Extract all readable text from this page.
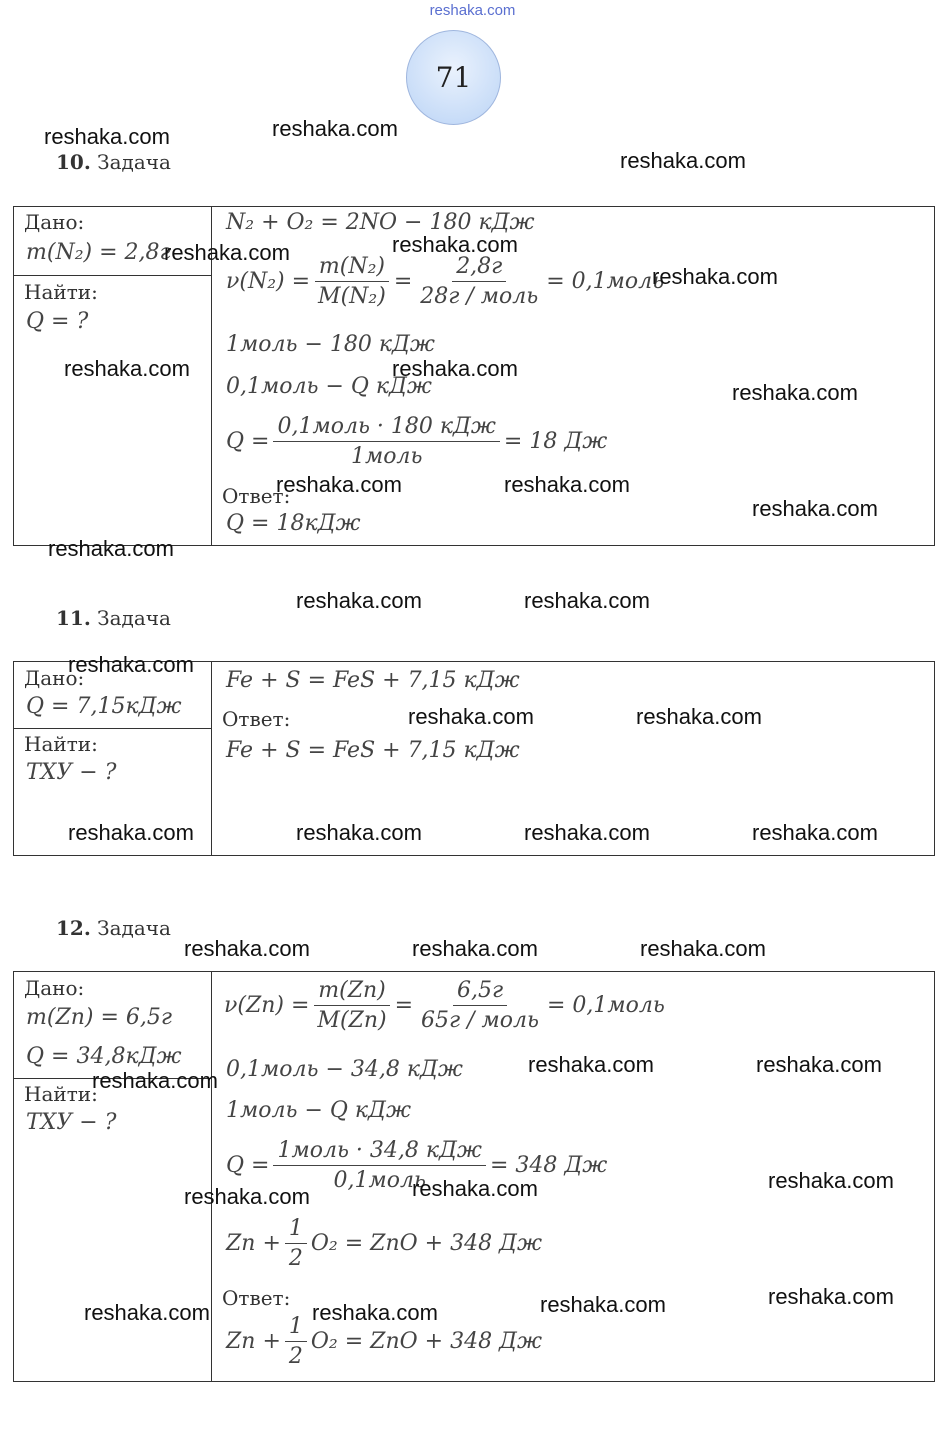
reshaka.com
71
10. Задача
Дано:
m(N₂) = 2,8г
Найти:
Q = ?
N₂ + O₂ = 2NO − 180 кДж
$\nu(N_2) = \frac{\text{m(N₂)}}{\text{M(N₂)}} = \frac{2,8г}{\text{28г / моль}}$ = 0,1моль
1моль − 180 кДж
0,1моль − Q кДж
$Q = \frac{\text{0,1моль · 180 кДж}}{\text{1моль}} = 18$ Дж
Ответ:
Q = 18кДж
11. Задача
Дано:
Q = 7,15кДж
Найти:
ТХУ − ?
Fe + S = FeS + 7,15 кДж
Ответ:
Fe + S = FeS + 7,15 кДж
12. Задача
Дано:
m(Zn) = 6,5г
Q = 34,8кДж
Найти:
ТХУ − ?
$\nu(Zn) = \frac{m(Zn)}{M(Zn)} = \frac{6,5г}{\text{65г / моль}}$ = 0,1моль
0,1моль − 34,8 кДж
1моль − Q кДж
$Q = \frac{\text{1моль · 34,8 кДж}}{\text{0,1моль}} = 348$ Дж
$Zn + \frac{1}{2} O_2$ = ZnO + 348 Дж
Ответ:
$Zn + \frac{1}{2} O_2$ = ZnO + 348 Дж
reshaka.com	reshaka.com
reshaka.com
reshaka.com	reshaka.com
reshaka.com
reshaka.com	reshaka.com
reshaka.com
reshaka.com	reshaka.com
reshaka.com
reshaka.com
reshaka.com	reshaka.com
reshaka.com
reshaka.com	reshaka.com
reshaka.com	reshaka.com	reshaka.com	reshaka.com
reshaka.com	reshaka.com	reshaka.com
reshaka.com	reshaka.com
reshaka.com
reshaka.com
reshaka.com
reshaka.com
reshaka.com
reshaka.com
reshaka.com	reshaka.com
